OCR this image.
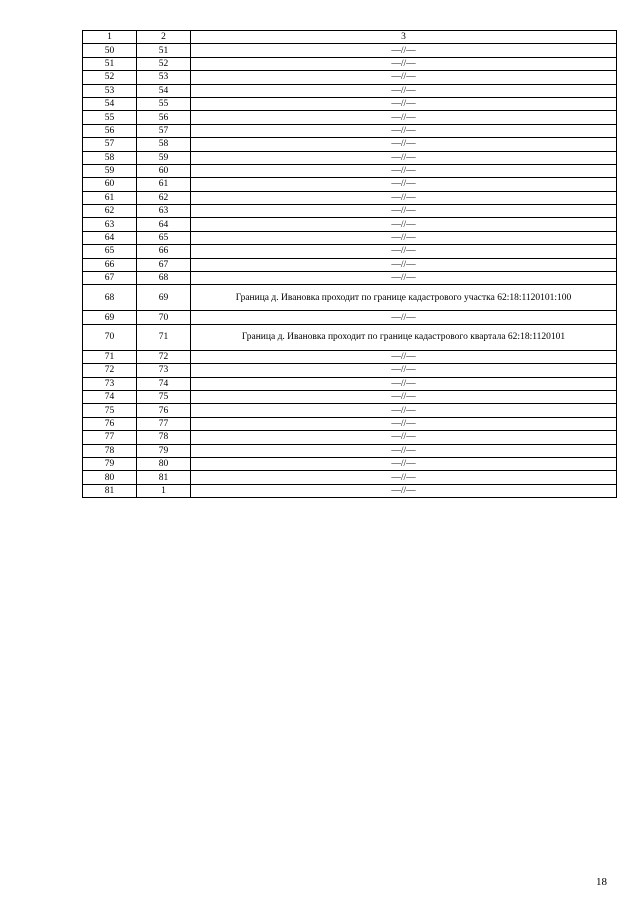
1	2	3
50	51	—//—
51	52	—//—
52	53	—//—
53	54	—//—
54	55	—//—
55	56	—//—
56	57	—//—
57	58	—//—
58	59	—//—
59	60	—//—
60	61	—//—
61	62	—//—
62	63	—//—
63	64	—//—
64	65	—//—
65	66	—//—
66	67	—//—
67	68	—//—
68	69	Граница д. Ивановка проходит по границе кадастрового участка 62:18:1120101:100
69	70	—//—
70	71	Граница д. Ивановка проходит по границе кадастрового квартала 62:18:1120101
71	72	—//—
72	73	—//—
73	74	—//—
74	75	—//—
75	76	—//—
76	77	—//—
77	78	—//—
78	79	—//—
79	80	—//—
80	81	—//—
81	1	—//—
18
